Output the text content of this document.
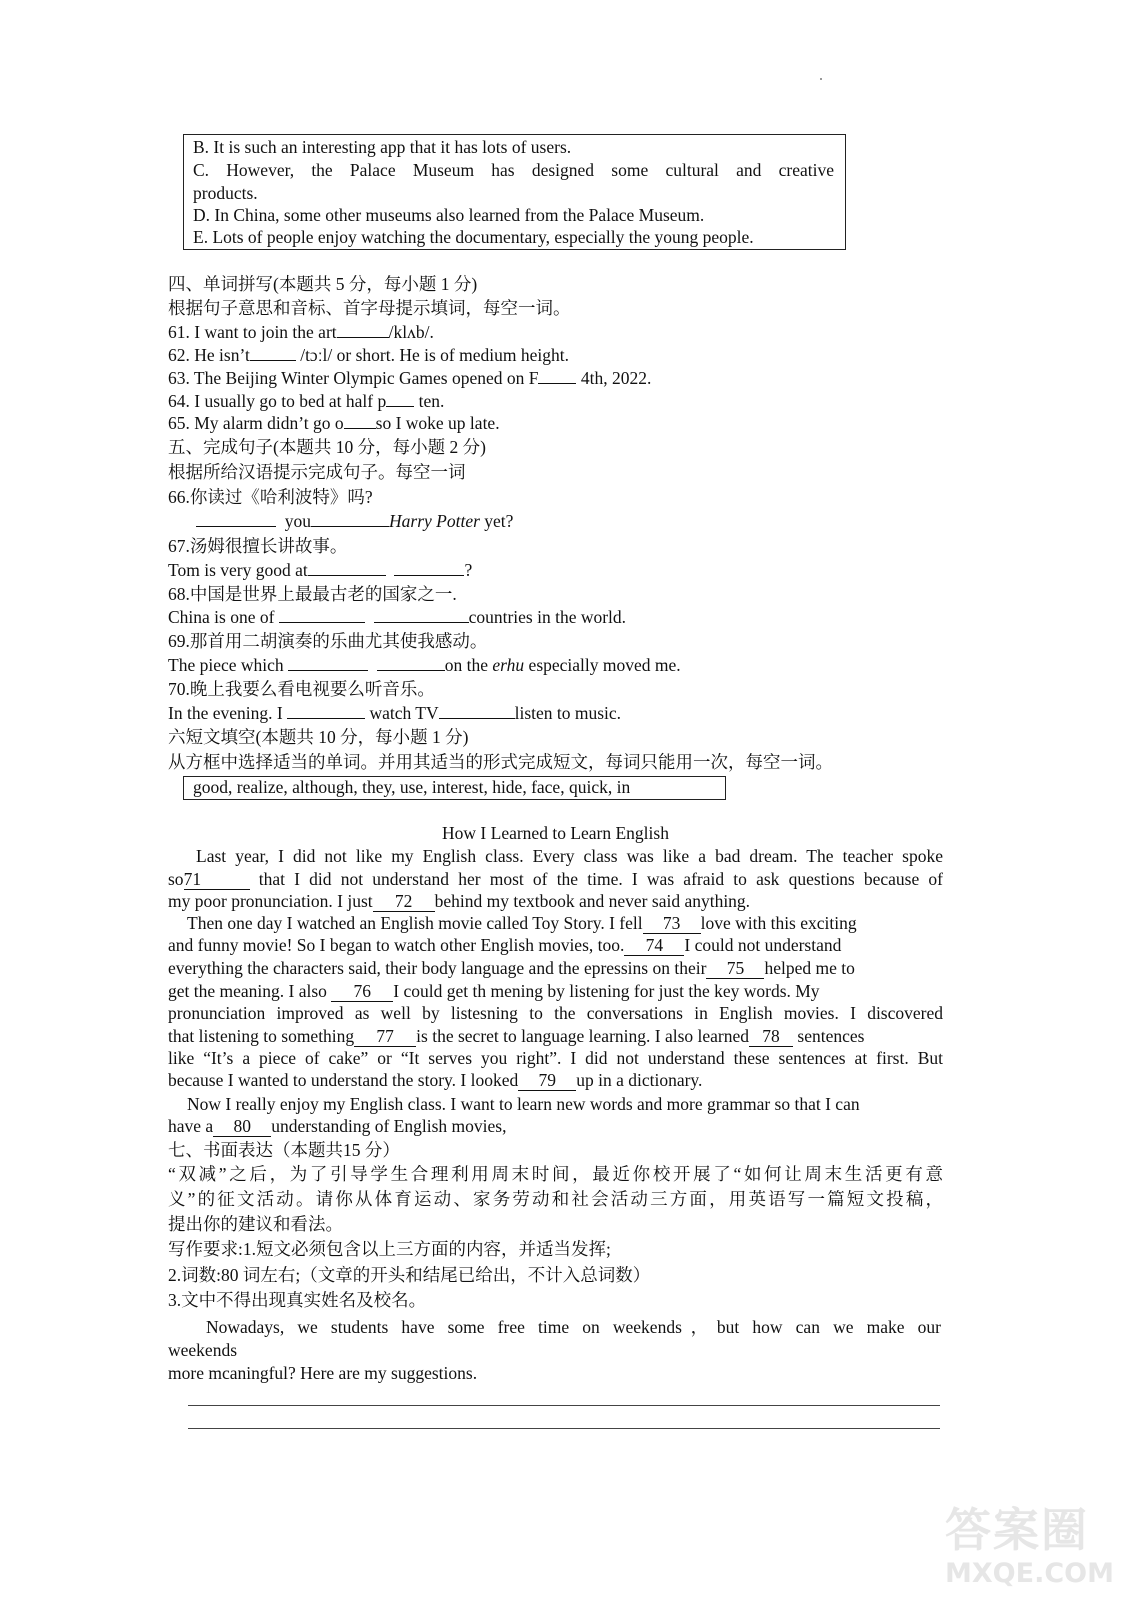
B. It is such an interesting app that it has lots of users.
C. However, the Palace Museum has designed some cultural and creative
products.
D. In China, some other museums also learned from the Palace Museum.
E. Lots of people enjoy watching the documentary, especially the young people.
四、单词拼写(本题共 5 分，每小题 1 分)
根据句子意思和音标、首字母提示填词，每空一词。
61. I want to join the art	/klʌb/.
62. He isn’t	/tɔːl/ or short. He is of medium height.
63. The Beijing Winter Olympic Games opened on F 4th, 2022.
64. I usually go to bed at half p ten.
65. My alarm didn’t go o so I woke up late.
五、完成句子(本题共 10 分，每小题 2 分)
根据所给汉语提示完成句子。每空一词
66.你读过《哈利波特》吗?
you	Harry Potter yet?
67.汤姆很擅长讲故事。
Tom is very good at	?
68.中国是世界上最最古老的国家之一.
China is one of	countries in the world.
69.那首用二胡演奏的乐曲尤其使我感动。
The piece which	on the erhu especially moved me.
70.晚上我要么看电视要么听音乐。
In the evening. I	watch TV	listen to music.
六短文填空(本题共 10 分，每小题 1 分)
从方框中选择适当的单词。并用其适当的形式完成短文，每词只能用一次，每空一词。
good, realize, although, they, use, interest, hide, face, quick, in
How I Learned to Learn English
Last year, I did not like my English class. Every class was like a bad dream. The teacher spoke
so71	that I did not understand her most of the time. I was afraid to ask questions because of
my poor pronunciation. I just 72 behind my textbook and never said anything.
Then one day I watched an English movie called Toy Story. I fell 73 love with this exciting
and funny movie! So I began to watch other English movies, too. 74 I could not understand
everything the characters said, their body language and the epressins on their 75 helped me to
get the meaning. I also 76 I could get th mening by listening for just the key words. My
pronunciation improved as well by listesning to the conversations in English movies. I discovered
that listening to something 77 is the secret to language learning. I also learned 78 sentences
like “It’s a piece of cake” or “It serves you right”. I did not understand these sentences at first. But
because I wanted to understand the story. I looked 79 up in a dictionary.
Now I really enjoy my English class. I want to learn new words and more grammar so that I can
have a 80 understanding of English movies,
七、书面表达（本题共15 分）
“双减”之后，为了引导学生合理利用周末时间，最近你校开展了“如何让周末生活更有意
义”的征文活动。请你从体育运动、家务劳动和社会活动三方面，用英语写一篇短文投稿，
提出你的建议和看法。
写作要求:1.短文必须包含以上三方面的内容，并适当发挥;
2.词数:80 词左右;（文章的开头和结尾已给出，不计入总词数）
3.文中不得出现真实姓名及校名。
Nowadays, we students have some free time on weekends，but how can we make our
weekends
more mcaningful? Here are my suggestions.
答案圈
MXQE.COM
